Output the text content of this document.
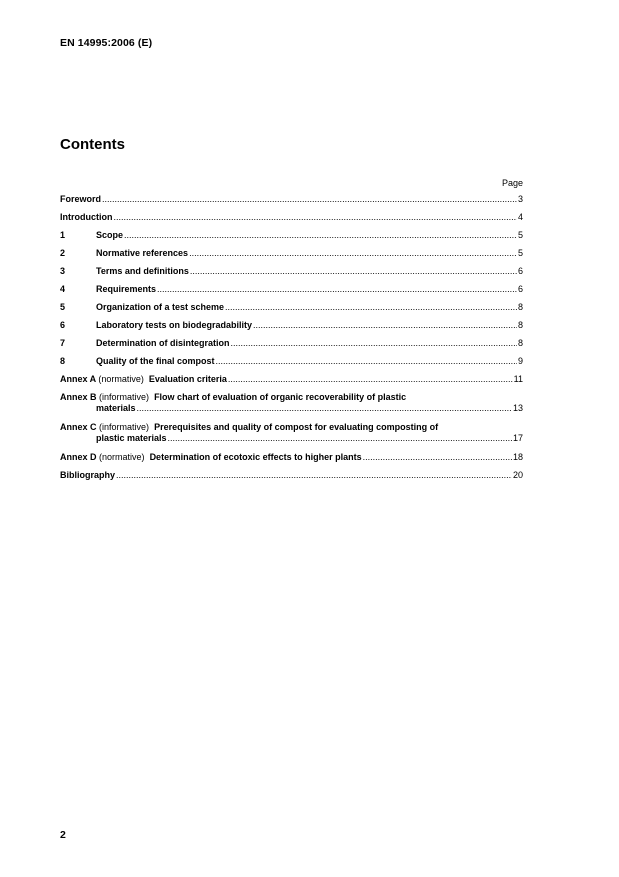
EN 14995:2006 (E)
Contents
Page
Foreword .....	3
Introduction .....	4
1	Scope .....	5
2	Normative references .....	5
3	Terms and definitions .....	6
4	Requirements .....	6
5	Organization of a test scheme .....	8
6	Laboratory tests on biodegradability .....	8
7	Determination of disintegration .....	8
8	Quality of the final compost .....	9
Annex A (normative) Evaluation criteria .....	11
Annex B (informative) Flow chart of evaluation of organic recoverability of plastic
materials .....	13
Annex C (informative) Prerequisites and quality of compost for evaluating composting of
plastic materials .....	17
Annex D (normative) Determination of ecotoxic effects to higher plants .....	18
Bibliography .....	20
2
